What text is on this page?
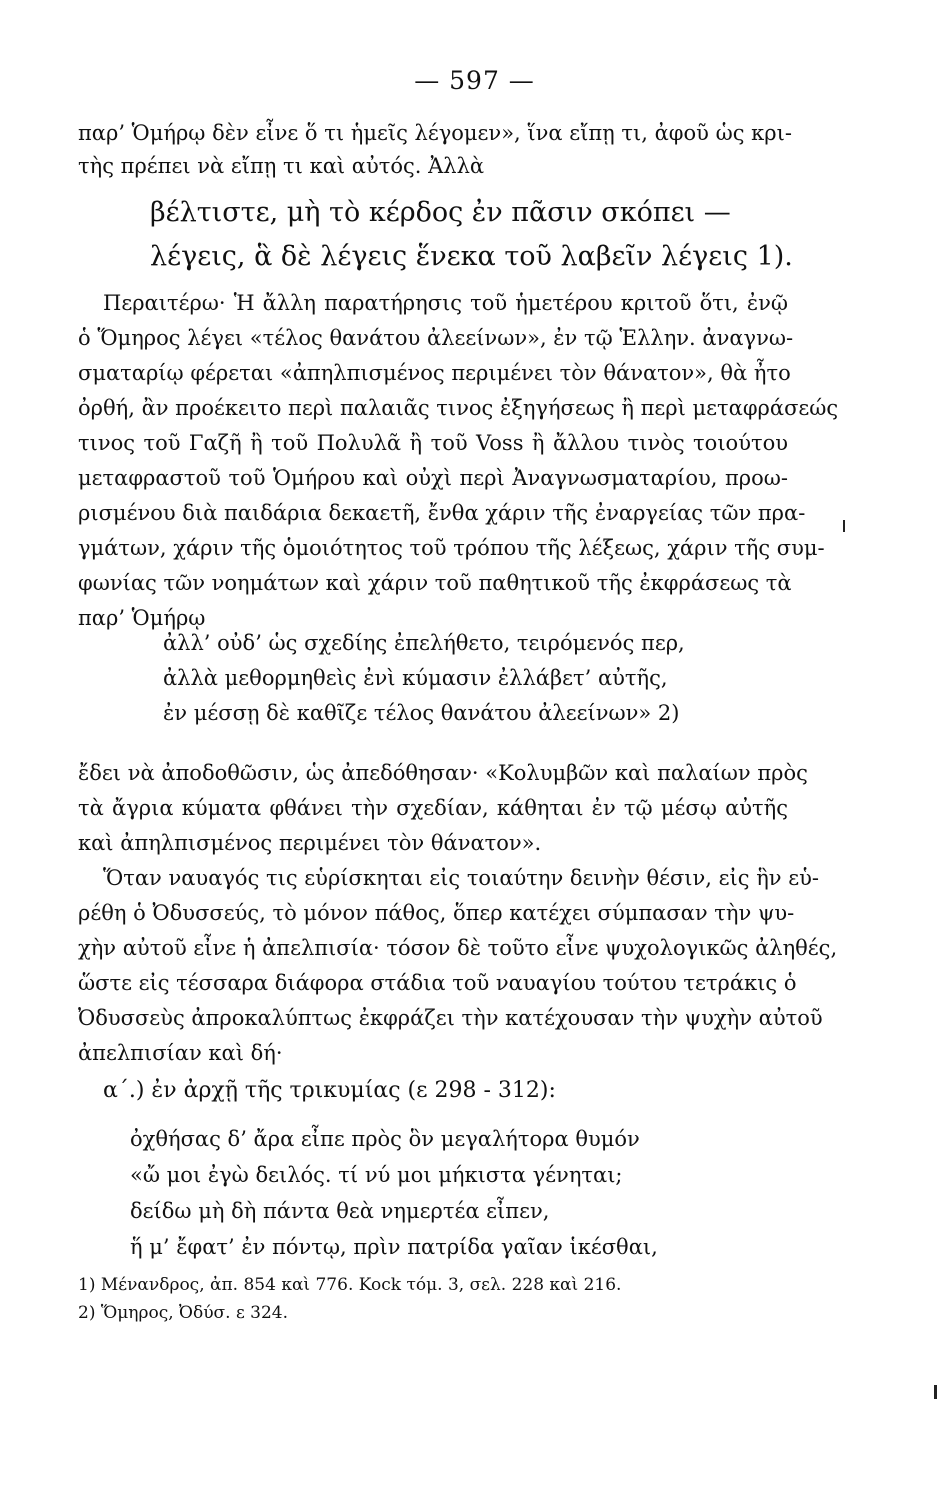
— 597 —
παρ’ Ὁμήρῳ δὲν εἶνε ὅ τι ἡμεῖς λέγομεν», ἵνα εἴπῃ τι, ἀφοῦ ὡς κρι-
τὴς πρέπει νὰ εἴπῃ τι καὶ αὐτός. Ἀλλὰ
βέλτιστε, μὴ τὸ κέρδος ἐν πᾶσιν σκόπει —
λέγεις, ἃ δὲ λέγεις ἕνεκα τοῦ λαβεῖν λέγεις 1).
Περαιτέρω· Ἡ ἄλλη παρατήρησις τοῦ ἡμετέρου κριτοῦ ὅτι, ἐνῷ
ὁ Ὅμηρος λέγει «τέλος θανάτου ἀλεείνων», ἐν τῷ Ἑλλην. ἀναγνω-
σματαρίῳ φέρεται «ἀπηλπισμένος περιμένει τὸν θάνατον», θὰ ἦτο
ὀρθή, ἂν προέκειτο περὶ παλαιᾶς τινος ἐξηγήσεως ἢ περὶ μεταφράσεώς
τινος τοῦ Γαζῆ ἢ τοῦ Πολυλᾶ ἢ τοῦ Voss ἢ ἄλλου τινὸς τοιούτου
μεταφραστοῦ τοῦ Ὁμήρου καὶ οὐχὶ περὶ Ἀναγνωσματαρίου, προω-
ρισμένου διὰ παιδάρια δεκαετῆ, ἔνθα χάριν τῆς ἐναργείας τῶν πρα-
γμάτων, χάριν τῆς ὁμοιότητος τοῦ τρόπου τῆς λέξεως, χάριν τῆς συμ-
φωνίας τῶν νοημάτων καὶ χάριν τοῦ παθητικοῦ τῆς ἐκφράσεως τὰ
παρ’ Ὁμήρῳ
ἀλλ’ οὐδ’ ὡς σχεδίης ἐπελήθετο, τειρόμενός περ,
ἀλλὰ μεθορμηθεὶς ἐνὶ κύμασιν ἐλλάβετ’ αὐτῆς,
ἐν μέσσῃ δὲ καθῖζε τέλος θανάτου ἀλεείνων» 2)
ἔδει νὰ ἀποδοθῶσιν, ὡς ἀπεδόθησαν· «Κολυμβῶν καὶ παλαίων πρὸς
τὰ ἄγρια κύματα φθάνει τὴν σχεδίαν, κάθηται ἐν τῷ μέσῳ αὐτῆς
καὶ ἀπηλπισμένος περιμένει τὸν θάνατον».
Ὅταν ναυαγός τις εὑρίσκηται εἰς τοιαύτην δεινὴν θέσιν, εἰς ἣν εὑ-
ρέθη ὁ Ὀδυσσεύς, τὸ μόνον πάθος, ὅπερ κατέχει σύμπασαν τὴν ψυ-
χὴν αὐτοῦ εἶνε ἡ ἀπελπισία· τόσον δὲ τοῦτο εἶνε ψυχολογικῶς ἀληθές,
ὥστε εἰς τέσσαρα διάφορα στάδια τοῦ ναυαγίου τούτου τετράκις ὁ
Ὀδυσσεὺς ἀπροκαλύπτως ἐκφράζει τὴν κατέχουσαν τὴν ψυχὴν αὐτοῦ
ἀπελπισίαν καὶ δή·
α΄.) ἐν ἀρχῇ τῆς τρικυμίας (ε 298 - 312):
ὀχθήσας δ’ ἄρα εἶπε πρὸς ὃν μεγαλήτορα θυμόν
«ὤ μοι ἐγὼ δειλός. τί νύ μοι μήκιστα γένηται;
δείδω μὴ δὴ πάντα θεὰ νημερτέα εἶπεν,
ἥ μ’ ἔφατ’ ἐν πόντῳ, πρὶν πατρίδα γαῖαν ἱκέσθαι,
1) Μένανδρος, ἀπ. 854 καὶ 776. Kock τόμ. 3, σελ. 228 καὶ 216.
2) Ὅμηρος, Ὀδύσ. ε 324.
